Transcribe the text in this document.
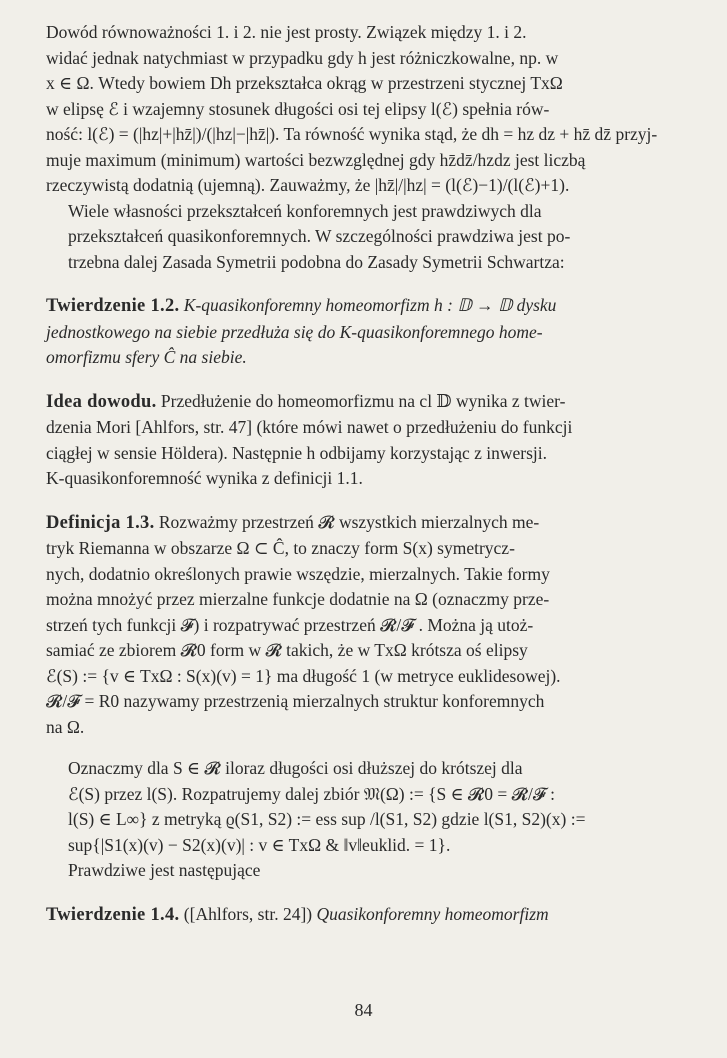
Dowód równoważności 1. i 2. nie jest prosty. Związek między 1. i 2.
widać jednak natychmiast w przypadku gdy h jest różniczkowalne, np. w
x ∈ Ω. Wtedy bowiem Dh przekształca okrąg w przestrzeni stycznej TxΩ
w elipsę ℰ i wzajemny stosunek długości osi tej elipsy l(ℰ) spełnia rów-
ność: l(ℰ) = (|hz|+|hz̄|)/(|hz|−|hz̄|). Ta równość wynika stąd, że dh = hz dz + hz̄ dz̄ przyj-
muje maximum (minimum) wartości bezwzględnej gdy hz̄dz̄/hzdz jest liczbą
rzeczywistą dodatnią (ujemną). Zauważmy, że |hz̄|/|hz| = (l(ℰ)−1)/(l(ℰ)+1).

Wiele własności przekształceń konforemnych jest prawdziwych dla
przekształceń quasikonforemnych. W szczególności prawdziwa jest po-
trzebna dalej Zasada Symetrii podobna do Zasady Symetrii Schwartza:

Twierdzenie 1.2. K-quasikonforemny homeomorfizm h : 𝔻 → 𝔻 dysku
jednostkowego na siebie przedłuża się do K-quasikonforemnego home-
omorfizmu sfery Ĉ na siebie.

Idea dowodu. Przedłużenie do homeomorfizmu na cl 𝔻 wynika z twier-
dzenia Mori [Ahlfors, str. 47] (które mówi nawet o przedłużeniu do funkcji
ciągłej w sensie Höldera). Następnie h odbijamy korzystając z inwersji.
K-quasikonforemność wynika z definicji 1.1.

Definicja 1.3. Rozważmy przestrzeń 𝓡 wszystkich mierzalnych me-
tryk Riemanna w obszarze Ω ⊂ Ĉ, to znaczy form S(x) symetrycz-
nych, dodatnio określonych prawie wszędzie, mierzalnych. Takie formy
można mnożyć przez mierzalne funkcje dodatnie na Ω (oznaczmy prze-
strzeń tych funkcji 𝓕) i rozpatrywać przestrzeń 𝓡/𝓕 . Można ją utoż-
samiać ze zbiorem 𝓡0 form w 𝓡 takich, że w TxΩ krótsza oś elipsy
ℰ(S) := {v ∈ TxΩ : S(x)(v) = 1} ma długość 1 (w metryce euklidesowej).
𝓡/𝓕 = R0 nazywamy przestrzenią mierzalnych struktur konforemnych
na Ω.

Oznaczmy dla S ∈ 𝓡 iloraz długości osi dłuższej do krótszej dla
ℰ(S) przez l(S). Rozpatrujemy dalej zbiór 𝔐(Ω) := {S ∈ 𝓡0 = 𝓡/𝓕 :
l(S) ∈ L∞} z metryką ϱ(S1, S2) := ess sup /l(S1, S2) gdzie l(S1, S2)(x) :=
sup{|S1(x)(v) − S2(x)(v)| : v ∈ TxΩ & ‖v‖euklid. = 1}.

Prawdziwe jest następujące

Twierdzenie 1.4. ([Ahlfors, str. 24]) Quasikonforemny homeomorfizm

84
